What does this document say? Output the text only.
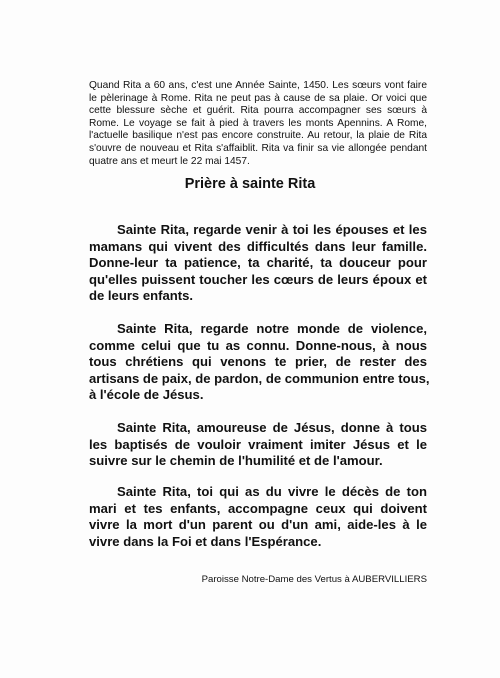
Quand Rita a 60 ans, c'est une Année Sainte, 1450. Les sœurs vont faire
le pèlerinage à Rome. Rita ne peut pas à cause de sa plaie. Or voici que
cette blessure sèche et guérit. Rita pourra accompagner ses sœurs à
Rome. Le voyage se fait à pied à travers les monts Apennins. A Rome,
l'actuelle basilique n'est pas encore construite. Au retour, la plaie de Rita
s'ouvre de nouveau et Rita s'affaiblit. Rita va finir sa vie allongée pendant
quatre ans et meurt le 22 mai 1457.
Prière à sainte Rita
Sainte Rita, regarde venir à toi les épouses et les
mamans qui vivent des difficultés dans leur famille.
Donne-leur ta patience, ta charité, ta douceur pour
qu'elles puissent toucher les cœurs de leurs époux et
de leurs enfants.
Sainte Rita, regarde notre monde de violence,
comme celui que tu as connu. Donne-nous, à nous
tous chrétiens qui venons te prier, de rester des
artisans de paix, de pardon, de communion entre tous,
à l'école de Jésus.
Sainte Rita, amoureuse de Jésus, donne à tous
les baptisés de vouloir vraiment imiter Jésus et le
suivre sur le chemin de l'humilité et de l'amour.
Sainte Rita, toi qui as du vivre le décès de ton
mari et tes enfants, accompagne ceux qui doivent
vivre la mort d'un parent ou d'un ami, aide-les à le
vivre dans la Foi et dans l'Espérance.

Paroisse Notre-Dame des Vertus à AUBERVILLIERS
